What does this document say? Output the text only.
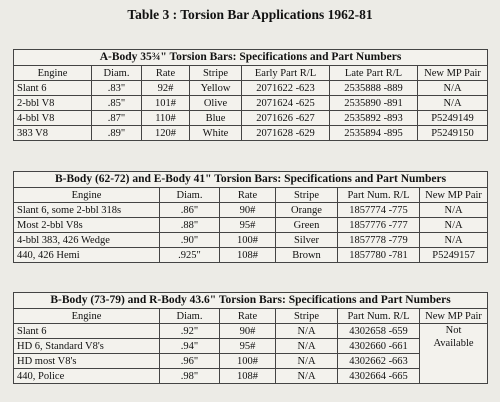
Table 3 : Torsion Bar Applications 1962-81
A-Body 35¾" Torsion Bars: Specifications and Part Numbers						
Engine	Diam.	Rate	Stripe	Early Part R/L	Late Part R/L	New MP Pair
Slant 6	.83"	92#	Yellow	2071622 -623	2535888 -889	N/A
2-bbl V8	.85"	101#	Olive	2071624 -625	2535890 -891	N/A
4-bbl V8	.87"	110#	Blue	2071626 -627	2535892 -893	P5249149
383 V8	.89"	120#	White	2071628 -629	2535894 -895	P5249150
B-Body (62-72) and E-Body 41" Torsion Bars: Specifications and Part Numbers					
Engine	Diam.	Rate	Stripe	Part Num. R/L	New MP Pair
Slant 6, some 2-bbl 318s	.86"	90#	Orange	1857774 -775	N/A
Most 2-bbl V8s	.88"	95#	Green	1857776 -777	N/A
4-bbl 383, 426 Wedge	.90"	100#	Silver	1857778 -779	N/A
440, 426 Hemi	.925"	108#	Brown	1857780 -781	P5249157
B-Body (73-79) and R-Body 43.6" Torsion Bars: Specifications and Part Numbers					
Engine	Diam.	Rate	Stripe	Part Num. R/L	New MP Pair
Slant 6	.92"	90#	N/A	4302658 -659	Not
Available

HD 6, Standard V8's	.94"	95#	N/A	4302660 -661	
HD most V8's	.96"	100#	N/A	4302662 -663	
440, Police	.98"	108#	N/A	4302664 -665	
